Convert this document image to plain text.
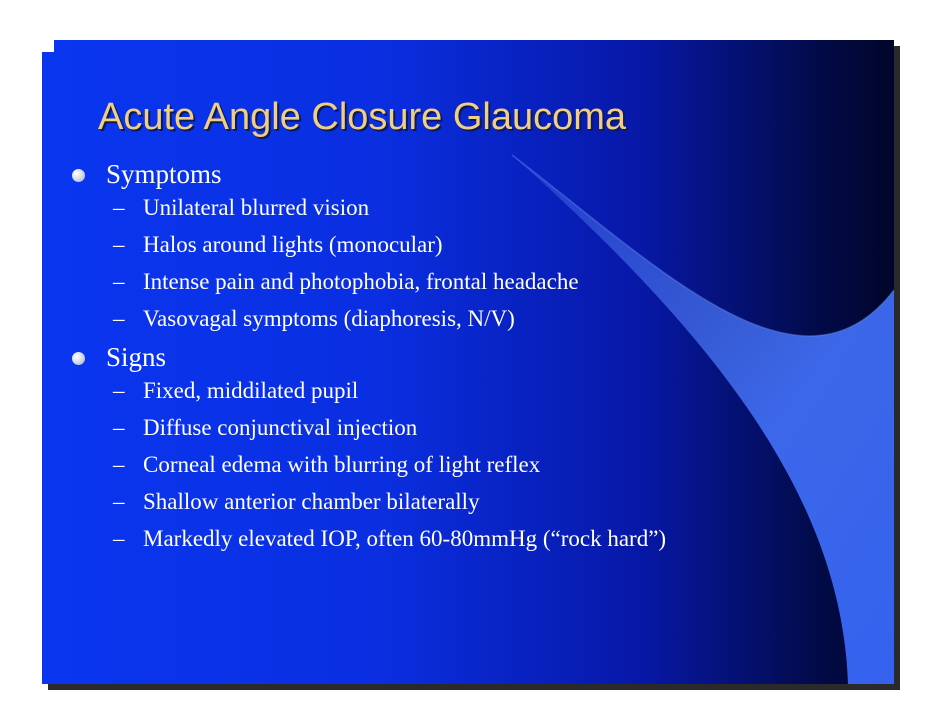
Acute Angle Closure Glaucoma
Symptoms
– Unilateral blurred vision
– Halos around lights (monocular)
– Intense pain and photophobia, frontal headache
– Vasovagal symptoms (diaphoresis, N/V)
Signs
– Fixed, middilated pupil
– Diffuse conjunctival injection
– Corneal edema with blurring of light reflex
– Shallow anterior chamber bilaterally
– Markedly elevated IOP, often 60-80mmHg (“rock hard”)
